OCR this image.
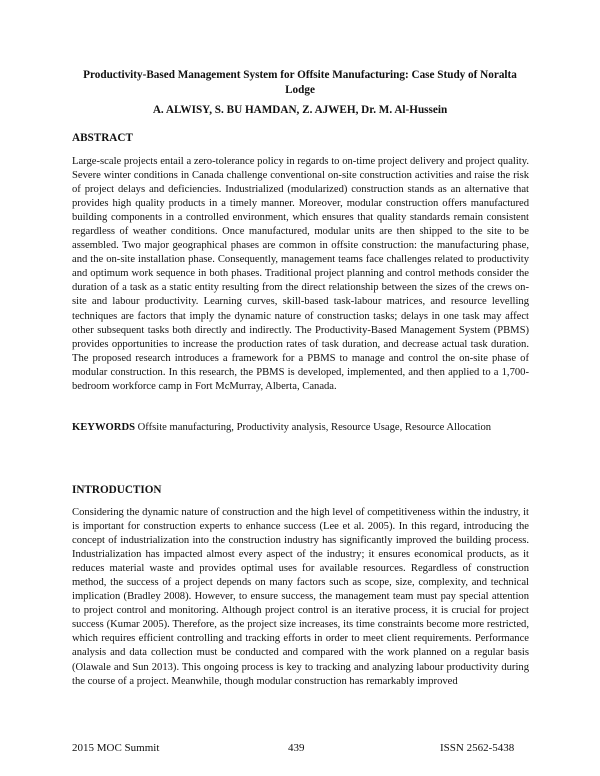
Productivity-Based Management System for Offsite Manufacturing: Case Study of Noralta Lodge
A. ALWISY, S. BU HAMDAN, Z. AJWEH, Dr. M. Al-Hussein
ABSTRACT
Large-scale projects entail a zero-tolerance policy in regards to on-time project delivery and project quality. Severe winter conditions in Canada challenge conventional on-site construction activities and raise the risk of project delays and deficiencies. Industrialized (modularized) construction stands as an alternative that provides high quality products in a timely manner. Moreover, modular construction offers manufactured building components in a controlled environment, which ensures that quality standards remain consistent regardless of weather conditions. Once manufactured, modular units are then shipped to the site to be assembled. Two major geographical phases are common in offsite construction: the manufacturing phase, and the on-site installation phase. Consequently, management teams face challenges related to productivity and optimum work sequence in both phases. Traditional project planning and control methods consider the duration of a task as a static entity resulting from the direct relationship between the sizes of the crews on-site and labour productivity. Learning curves, skill-based task-labour matrices, and resource levelling techniques are factors that imply the dynamic nature of construction tasks; delays in one task may affect other subsequent tasks both directly and indirectly. The Productivity-Based Management System (PBMS) provides opportunities to increase the production rates of task duration, and decrease actual task duration. The proposed research introduces a framework for a PBMS to manage and control the on-site phase of modular construction. In this research, the PBMS is developed, implemented, and then applied to a 1,700-bedroom workforce camp in Fort McMurray, Alberta, Canada.
KEYWORDS Offsite manufacturing, Productivity analysis, Resource Usage, Resource Allocation
INTRODUCTION
Considering the dynamic nature of construction and the high level of competitiveness within the industry, it is important for construction experts to enhance success (Lee et al. 2005). In this regard, introducing the concept of industrialization into the construction industry has significantly improved the building process. Industrialization has impacted almost every aspect of the industry; it ensures economical products, as it reduces material waste and provides optimal uses for available resources. Regardless of construction method, the success of a project depends on many factors such as scope, size, complexity, and technical implication (Bradley 2008). However, to ensure success, the management team must pay special attention to project control and monitoring. Although project control is an iterative process, it is crucial for project success (Kumar 2005). Therefore, as the project size increases, its time constraints become more restricted, which requires efficient controlling and tracking efforts in order to meet client requirements. Performance analysis and data collection must be conducted and compared with the work planned on a regular basis (Olawale and Sun 2013). This ongoing process is key to tracking and analyzing labour productivity during the course of a project. Meanwhile, though modular construction has remarkably improved
2015 MOC Summit	439	ISSN 2562-5438
